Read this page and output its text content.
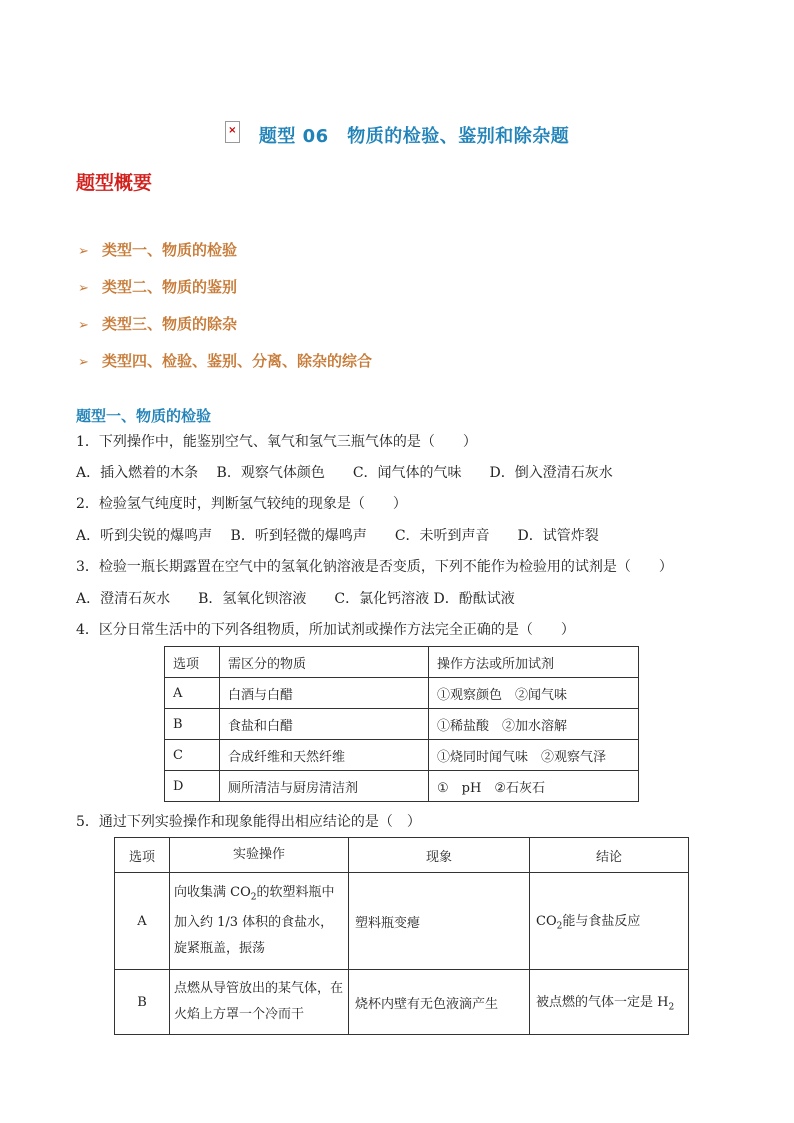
× 题型 06　物质的检验、鉴别和除杂题
题型概要
➢ 类型一、物质的检验
➢ 类型二、物质的鉴别
➢ 类型三、物质的除杂
➢ 类型四、检验、鉴别、分离、除杂的综合
题型一、物质的检验
1．下列操作中，能鉴别空气、氧气和氢气三瓶气体的是（　　）
A．插入燃着的木条　 B．观察气体颜色　　C．闻气体的气味　　D．倒入澄清石灰水
2．检验氢气纯度时，判断氢气较纯的现象是（　　）
A．听到尖锐的爆鸣声　 B．听到轻微的爆鸣声　　C．未听到声音　　D．试管炸裂
3．检验一瓶长期露置在空气中的氢氧化钠溶液是否变质，下列不能作为检验用的试剂是（　　）
A．澄清石灰水　　B．氢氧化钡溶液　　C．氯化钙溶液 D．酚酞试液
4．区分日常生活中的下列各组物质，所加试剂或操作方法完全正确的是（　　）
选项	需区分的物质	操作方法或所加试剂
A	白酒与白醋	①观察颜色　②闻气味
B	食盐和白醋	①稀盐酸　②加水溶解
C	合成纤维和天然纤维	①烧同时闻气味　②观察气泽
D	厕所清洁与厨房清洁剂	①　pH　②石灰石
5．通过下列实验操作和现象能得出相应结论的是（　）
选项	实验操作	现象	结论
A	向收集满 $CO_2$的软塑料瓶中加入约 1/3 体积的食盐水，旋紧瓶盖，振荡	塑料瓶变瘪	$CO_2$能与食盐反应
B	点燃从导管放出的某气体，在火焰上方罩一个冷而干	烧杯内壁有无色液滴产生	被点燃的气体一定是 $H_2$
